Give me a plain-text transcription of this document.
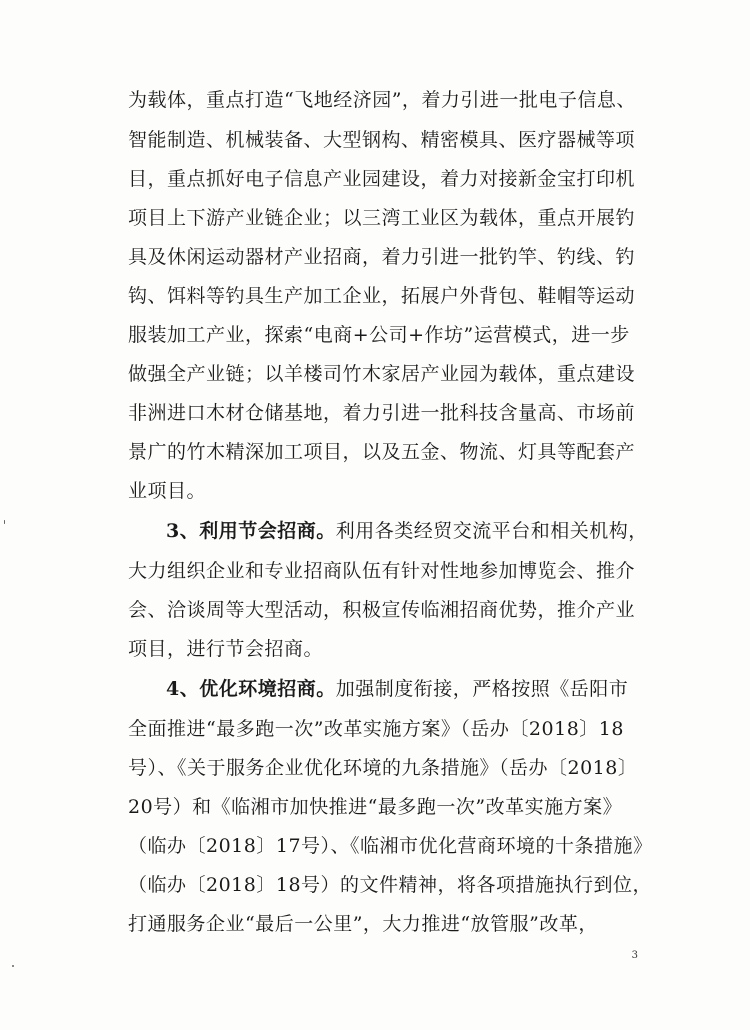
为载体，重点打造“飞地经济园”，着力引进一批电子信息、
智能制造、机械装备、大型钢构、精密模具、医疗器械等项
目，重点抓好电子信息产业园建设，着力对接新金宝打印机
项目上下游产业链企业；以三湾工业区为载体，重点开展钓
具及休闲运动器材产业招商，着力引进一批钓竿、钓线、钓
钩、饵料等钓具生产加工企业，拓展户外背包、鞋帽等运动
服装加工产业，探索“电商+公司+作坊”运营模式，进一步
做强全产业链；以羊楼司竹木家居产业园为载体，重点建设
非洲进口木材仓储基地，着力引进一批科技含量高、市场前
景广的竹木精深加工项目，以及五金、物流、灯具等配套产
业项目。
3、利用节会招商。利用各类经贸交流平台和相关机构，
大力组织企业和专业招商队伍有针对性地参加博览会、推介
会、洽谈周等大型活动，积极宣传临湘招商优势，推介产业
项目，进行节会招商。
4、优化环境招商。加强制度衔接，严格按照《岳阳市
全面推进“最多跑一次”改革实施方案》（岳办〔2018〕18
号）、《关于服务企业优化环境的九条措施》（岳办〔2018〕
20号）和《临湘市加快推进“最多跑一次”改革实施方案》
（临办〔2018〕17号）、《临湘市优化营商环境的十条措施》
（临办〔2018〕18号）的文件精神，将各项措施执行到位，
打通服务企业“最后一公里”，大力推进“放管服”改革，
3
